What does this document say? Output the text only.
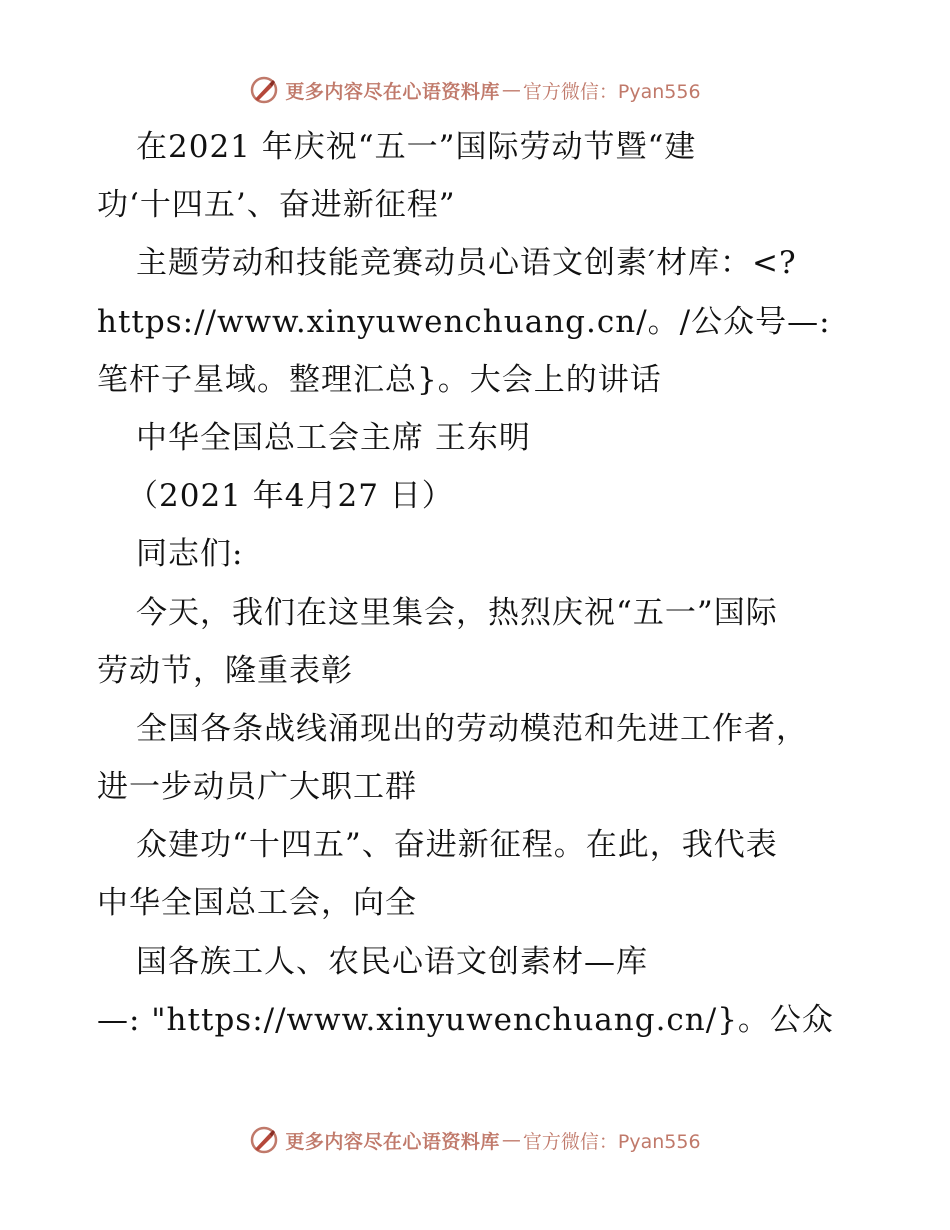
更多内容尽在心语资料库 — 官方微信：Pyan556
在2021 年庆祝“五一”国际劳动节暨“建
功‘十四五’、奋进新征程”
主题劳动和技能竞赛动员心语文创素′材库：<?
https://www.xinyuwenchuang.cn/。/公众号—:
笔杆子星域。整理汇总}。大会上的讲话
中华全国总工会主席 王东明
（2021 年4月27 日）
同志们:
今天，我们在这里集会，热烈庆祝“五一”国际
劳动节，隆重表彰
全国各条战线涌现出的劳动模范和先进工作者，
进一步动员广大职工群
众建功“十四五”、奋进新征程。在此，我代表
中华全国总工会，向全
国各族工人、农民心语文创素材—库
—: "https://www.xinyuwenchuang.cn/}。公众
更多内容尽在心语资料库 — 官方微信：Pyan556
